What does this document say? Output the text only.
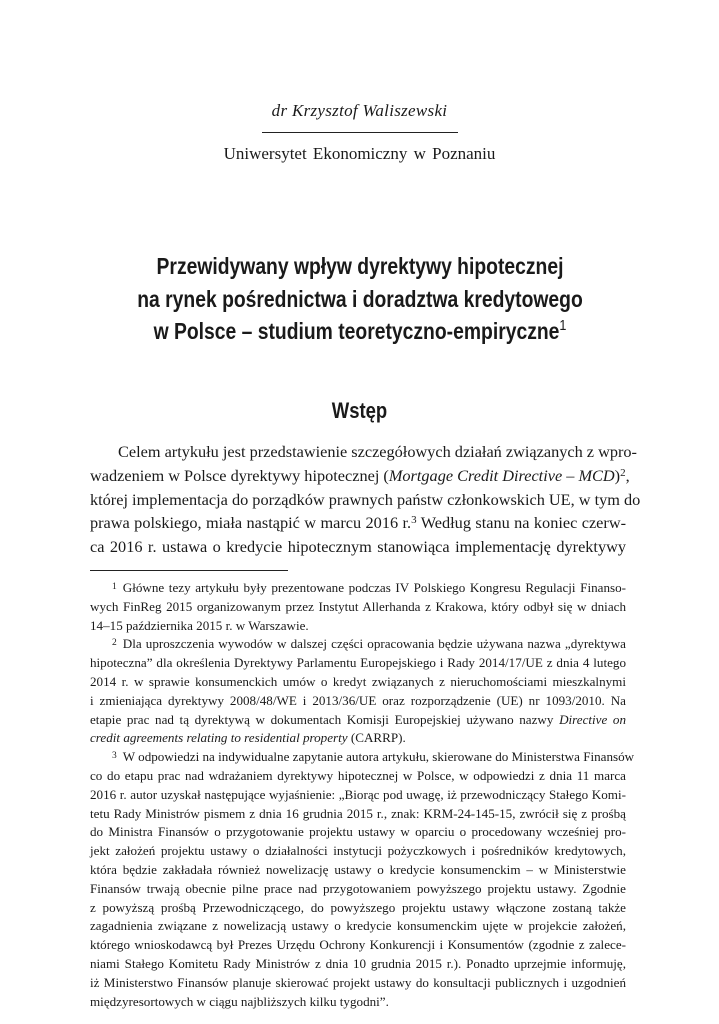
dr Krzysztof Waliszewski
Uniwersytet Ekonomiczny w Poznaniu
Przewidywany wpływ dyrektywy hipotecznej
na rynek pośrednictwa i doradztwa kredytowego
w Polsce – studium teoretyczno-empiryczne$^1$
Wstęp
Celem artykułu jest przedstawienie szczegółowych działań związanych z wpro-
wadzeniem w Polsce dyrektywy hipotecznej (Mortgage Credit Directive – MCD)$^2$,
której implementacja do porządków prawnych państw członkowskich UE, w tym do
prawa polskiego, miała nastąpić w marcu 2016 r.$^3$ Według stanu na koniec czerw-
ca 2016 r. ustawa o kredycie hipotecznym stanowiąca implementację dyrektywy
$^1$ Główne tezy artykułu były prezentowane podczas IV Polskiego Kongresu Regulacji Finanso-
wych FinReg 2015 organizowanym przez Instytut Allerhanda z Krakowa, który odbył się w dniach
14–15 października 2015 r. w Warszawie.
$^2$ Dla uproszczenia wywodów w dalszej części opracowania będzie używana nazwa „dyrektywa
hipoteczna” dla określenia Dyrektywy Parlamentu Europejskiego i Rady 2014/17/UE z dnia 4 lutego
2014 r. w sprawie konsumenckich umów o kredyt związanych z nieruchomościami mieszkalnymi
i zmieniająca dyrektywy 2008/48/WE i 2013/36/UE oraz rozporządzenie (UE) nr 1093/2010. Na
etapie prac nad tą dyrektywą w dokumentach Komisji Europejskiej używano nazwy Directive on
credit agreements relating to residential property (CARRP).
$^3$ W odpowiedzi na indywidualne zapytanie autora artykułu, skierowane do Ministerstwa Finansów
co do etapu prac nad wdrażaniem dyrektywy hipotecznej w Polsce, w odpowiedzi z dnia 11 marca
2016 r. autor uzyskał następujące wyjaśnienie: „Biorąc pod uwagę, iż przewodniczący Stałego Komi-
tetu Rady Ministrów pismem z dnia 16 grudnia 2015 r., znak: KRM-24-145-15, zwrócił się z prośbą
do Ministra Finansów o przygotowanie projektu ustawy w oparciu o procedowany wcześniej pro-
jekt założeń projektu ustawy o działalności instytucji pożyczkowych i pośredników kredytowych,
która będzie zakładała również nowelizację ustawy o kredycie konsumenckim – w Ministerstwie
Finansów trwają obecnie pilne prace nad przygotowaniem powyższego projektu ustawy. Zgodnie
z powyższą prośbą Przewodniczącego, do powyższego projektu ustawy włączone zostaną także
zagadnienia związane z nowelizacją ustawy o kredycie konsumenckim ujęte w projekcie założeń,
którego wnioskodawcą był Prezes Urzędu Ochrony Konkurencji i Konsumentów (zgodnie z zalece-
niami Stałego Komitetu Rady Ministrów z dnia 10 grudnia 2015 r.). Ponadto uprzejmie informuję,
iż Ministerstwo Finansów planuje skierować projekt ustawy do konsultacji publicznych i uzgodnień
międzyresortowych w ciągu najbliższych kilku tygodni”.
